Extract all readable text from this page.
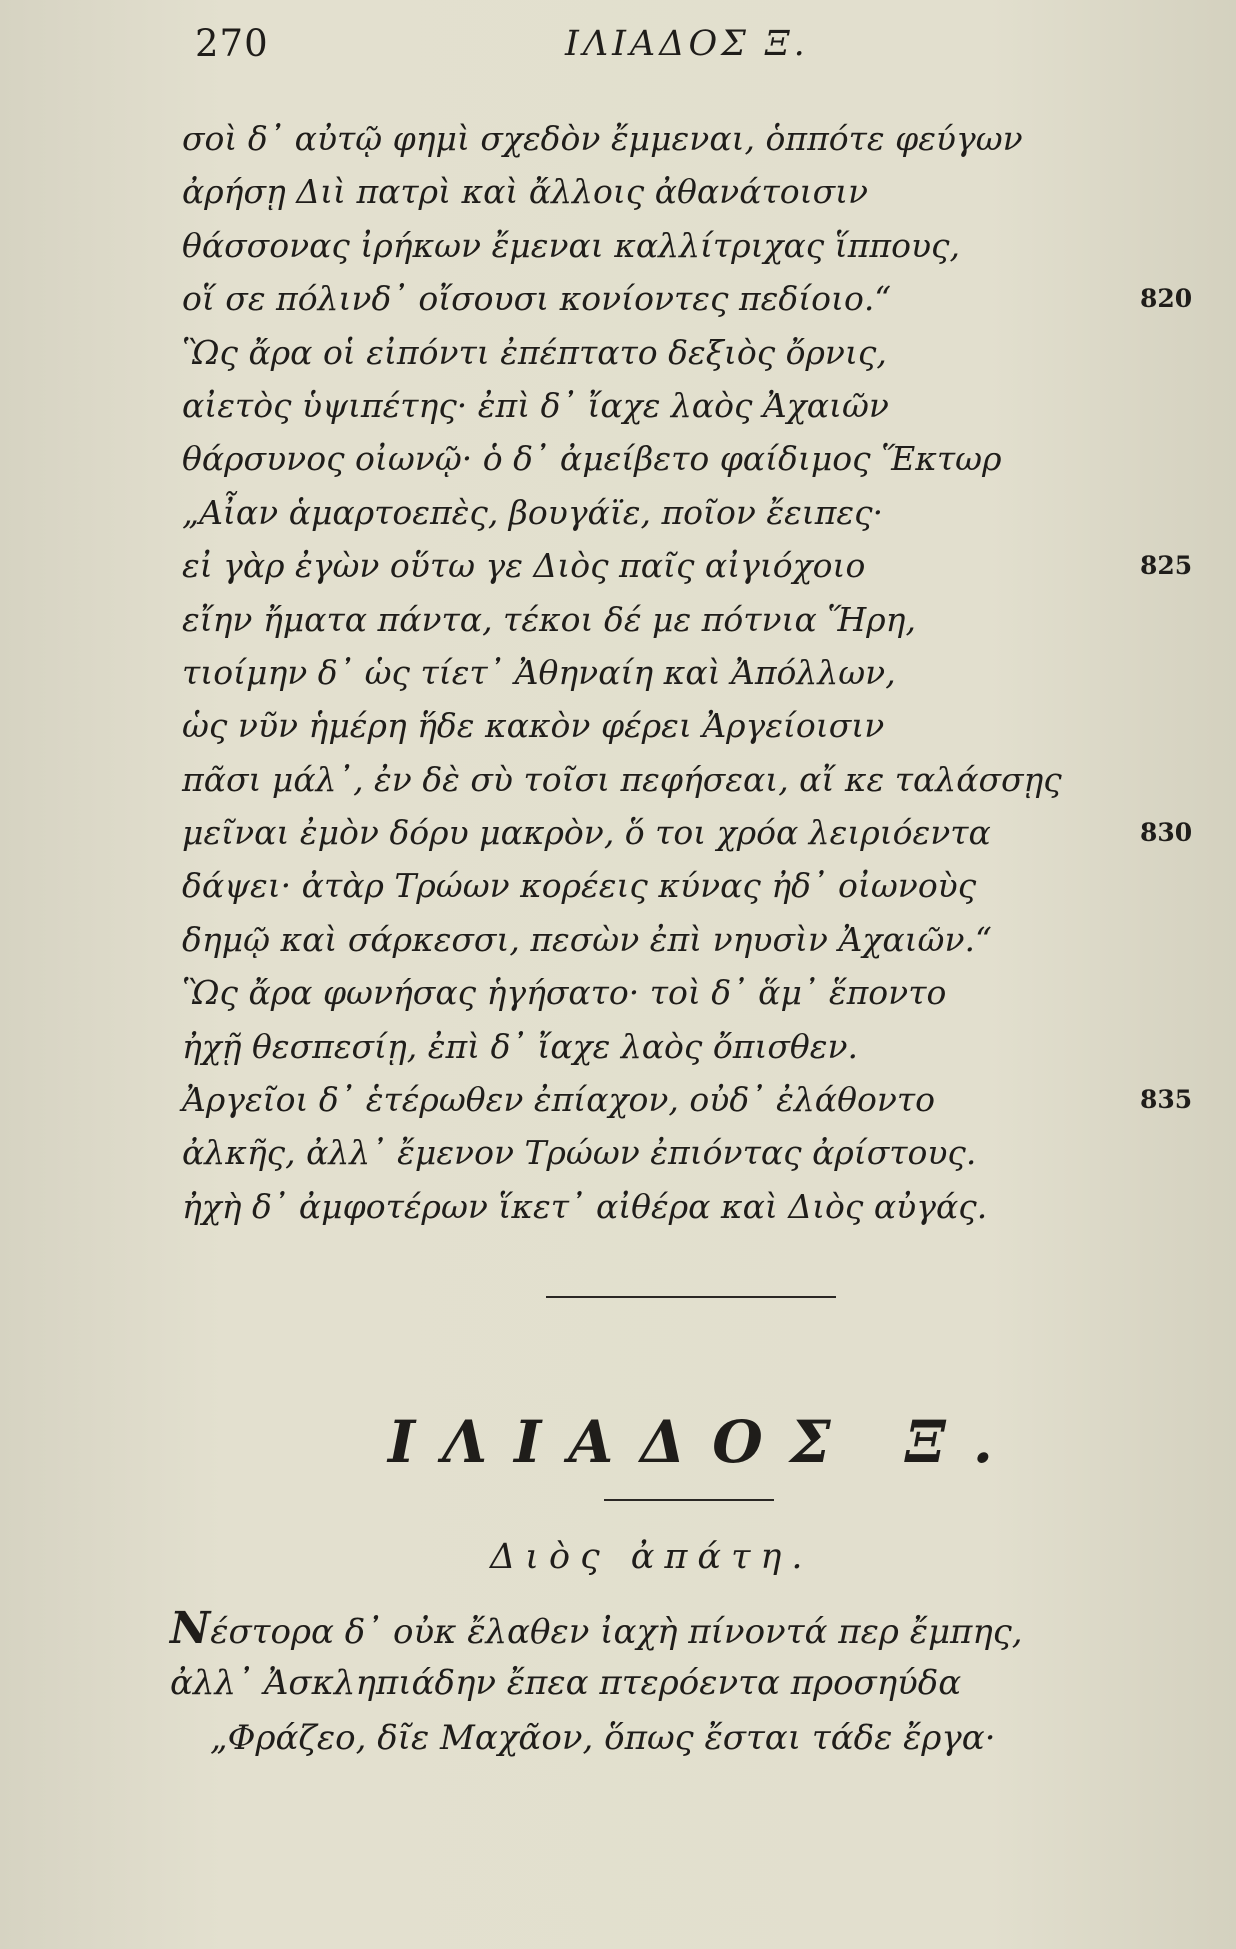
270	ΙΛΙΑΔΟΣ Ξ.
σοὶ δ᾽ αὐτῷ φημὶ σχεδὸν ἔμμεναι, ὁππότε φεύγων
ἀρήσῃ Διὶ πατρὶ καὶ ἄλλοις ἀθανάτοισιν
θάσσονας ἰρήκων ἔμεναι καλλίτριχας ἵππους,
οἵ σε πόλινδ᾽ οἴσουσι κονίοντες πεδίοιο.“	820
Ὣς ἄρα οἱ εἰπόντι ἐπέπτατο δεξιὸς ὄρνις,
αἰετὸς ὑψιπέτης· ἐπὶ δ᾽ ἴαχε λαὸς Ἀχαιῶν
θάρσυνος οἰωνῷ· ὁ δ᾽ ἀμείβετο φαίδιμος Ἕκτωρ
„Αἶαν ἁμαρτοεπὲς, βουγάϊε, ποῖον ἔειπες·
εἰ γὰρ ἐγὼν οὕτω γε Διὸς παῖς αἰγιόχοιο	825
εἴην ἤματα πάντα, τέκοι δέ με πότνια Ἥρη,
τιοίμην δ᾽ ὡς τίετ᾽ Ἀθηναίη καὶ Ἀπόλλων,
ὡς νῦν ἡμέρη ἥδε κακὸν φέρει Ἀργείοισιν
πᾶσι μάλ᾽, ἐν δὲ σὺ τοῖσι πεφήσεαι, αἴ κε ταλάσσῃς
μεῖναι ἐμὸν δόρυ μακρὸν, ὅ τοι χρόα λειριόεντα	830
δάψει· ἀτὰρ Τρώων κορέεις κύνας ἠδ᾽ οἰωνοὺς
δημῷ καὶ σάρκεσσι, πεσὼν ἐπὶ νηυσὶν Ἀχαιῶν.“
Ὣς ἄρα φωνήσας ἡγήσατο· τοὶ δ᾽ ἅμ᾽ ἕποντο
ἠχῇ θεσπεσίῃ, ἐπὶ δ᾽ ἴαχε λαὸς ὄπισθεν.
Ἀργεῖοι δ᾽ ἑτέρωθεν ἐπίαχον, οὐδ᾽ ἐλάθοντο	835
ἀλκῆς, ἀλλ᾽ ἔμενον Τρώων ἐπιόντας ἀρίστους.
ἠχὴ δ᾽ ἀμφοτέρων ἵκετ᾽ αἰθέρα καὶ Διὸς αὐγάς.
ΙΛΙΑΔΟΣ Ξ.
Διὸς ἀπάτη.
Νέστορα δ᾽ οὐκ ἔλαθεν ἰαχὴ πίνοντά περ ἔμπης,
ἀλλ᾽ Ἀσκληπιάδην ἔπεα πτερόεντα προσηύδα
„Φράζεο, δῖε Μαχᾶον, ὅπως ἔσται τάδε ἔργα·
